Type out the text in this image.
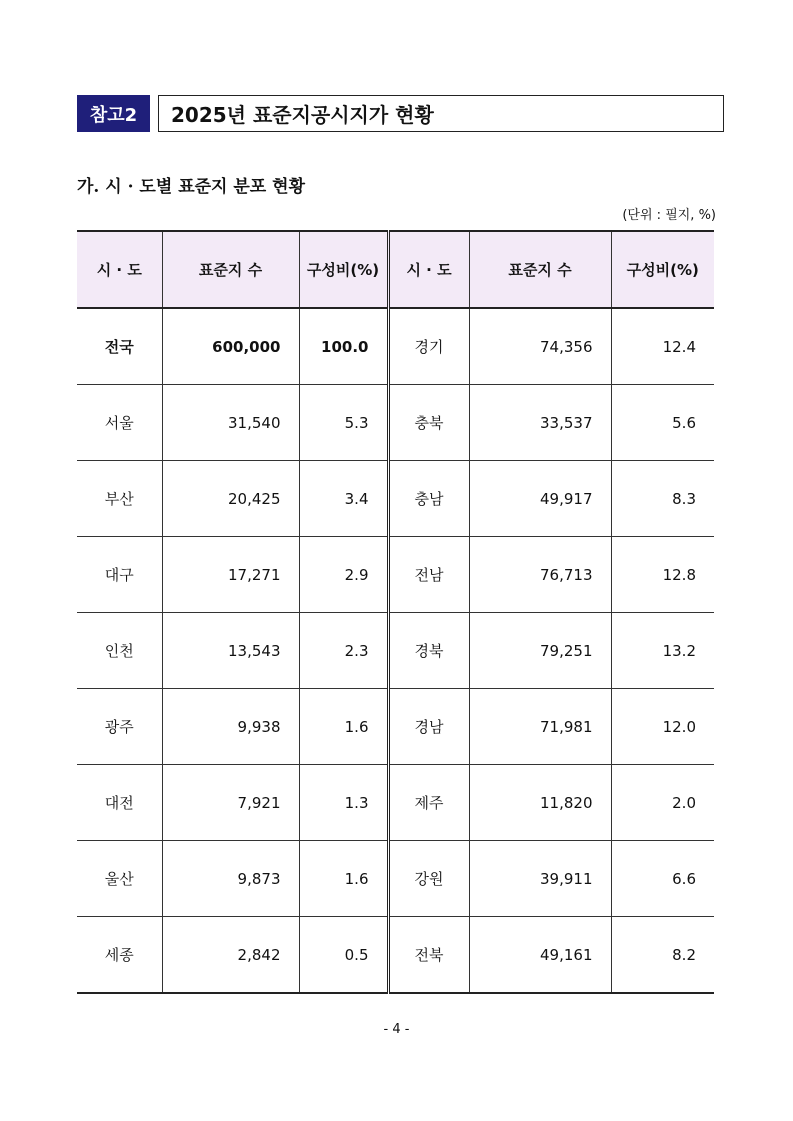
참고2	2025년 표준지공시지가 현황
가. 시 · 도별 표준지 분포 현황
(단위 : 필지, %)
시 · 도	표준지 수	구성비(%)	시 · 도	표준지 수	구성비(%)
전국	600,000	100.0	경기	74,356	12.4
서울	31,540	5.3	충북	33,537	5.6
부산	20,425	3.4	충남	49,917	8.3
대구	17,271	2.9	전남	76,713	12.8
인천	13,543	2.3	경북	79,251	13.2
광주	9,938	1.6	경남	71,981	12.0
대전	7,921	1.3	제주	11,820	2.0
울산	9,873	1.6	강원	39,911	6.6
세종	2,842	0.5	전북	49,161	8.2
- 4 -
